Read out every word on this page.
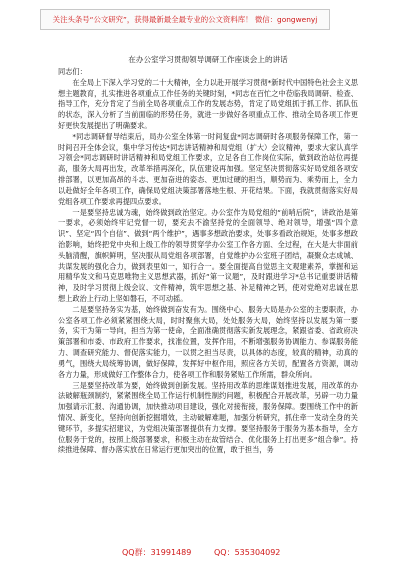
关注头条号“公文研究”，获得最新最全最专业的公文资料库！ 微信：gongwenyj
在办公室学习贯彻领导调研工作座谈会上的讲话
同志们：

在全局上下深入学习党的二十大精神，全力以赴开展学习贯彻*新时代中国特色社会主义思想主题教育，扎实推进各项重点工作任务的关键时刻，*同志在百忙之中莅临我局调研、检查、指导工作，充分肯定了当前全局各项重点工作的发展态势，肯定了局党组抓于抓工作、抓队伍的状态，深入分析了当前面临的形势任务，就进一步做好各项重点工作、推动全局各项工作更好更快发展提出了明确要求。

*同志调研督导结束后，局办公室全体第一时间复盘*同志调研时各项服务保障工作，第一时间召开全体会议，集中学习传达*同志讲话精神和局党组（扩大）会议精神，要求大家认真学习领会*同志调研时讲话精神和局党组工作要求，立足各自工作岗位实际，做到政治站位再提高，服务大局再出发，改革举措再深化，队伍建设再加强。坚定坚决贯彻落实好局党组各项安排部署，以更加高昂的斗志、更加奋进的姿态、更加过硬的担当，顺势而为、乘势而上，全力以赴做好全年各项工作，确保局党组决策部署落地生根、开花结果。下面，我就贯彻落实好局党组各项工作要求再提四点要求。

一是要坚持忠诚为魂，始终做到政治坚定。办公室作为局党组的“前哨后院”，讲政治是第一要求，必须始终牢记党督一切，要充去不渝坚持党的全面领导、绝对领导，增强“四个意识”、坚定“四个自信”、做到“两个维护”，遇事多想政治要求，处事多看政治规矩，处事多想政治影响，始终把党中央和上级工作的领导贯穿学办公室工作各方面、全过程，在大是大非面前头脑清醒，旗帜鲜明，坚决服从局党组各项部署，自觉维护办公室班子团结，凝聚众志成城、共谋发展的强化合力，做到表里如一，知行合一。要全面提高自觉思主文观建素养，掌握和运用精华发文和马克思唯物主义思想武器，抓好“第一议题”，及时跟进学习*总书记重要讲话精神，及时学习贯彻上级会议、文件精神，筑牢思想之基、补足精神之钙，使对党绝对忠诚在思想上政治上行动上坚如磐石，不可动摇。

二是要坚持务实为基，始终做到奋发有为。围绕中心、服务大局是办公室的主要职责，办公室各项工作必须紧紧围绕大局，时时聚焦大局，处处服务大局，始终坚持以发展为第一要务，实干为第一导向，担当为第一使命，全面准确贯彻落实新发展理念，紧跟省委、省政府决策部署和市委、市政府工作要求，找准位置，发挥作用，不断增强服务协调能力、参谋服务能力、调查研究能力、督促落实能力，一以贯之担当尽责，以具体的态度，较真的精神，动真的勇气，围绕大局统筹协调，做好保障，发挥好中枢作用，照应各方关切，配置各方资源，调动各方力量，形成做好工作整体合力，使各项工作和服务紧贴工作所需，群众所向。

三是要坚持改革为要，始终做到创新发展。坚持用改革的思维谋划推进发展，用改革的办法破解瓶颈制约，紧紧围绕全局工作运行机制性制约问题，积极配合开展改革，另辟一功力量加强请示汇报、沟通协调，加快推动项目建设，强化对接衔接，服务保障。要围绕工作中的新情况、新变化，坚持向创新挖掘增效，主动破解难题，加强分析研究，抓住牵一发动全身的关键环节，多提实招建议，为党组决策部署提供有力支撑。要坚持服务于服务为基本指导，全方位服务于党的，按照上级部署要求，积极主动在故管结合、优化服务上打出更多“组合拳”。持续推进保障、督办落实放在日常运行更加突出的位置，敢于担当，务

QQ群：31991489	QQ：535304092
